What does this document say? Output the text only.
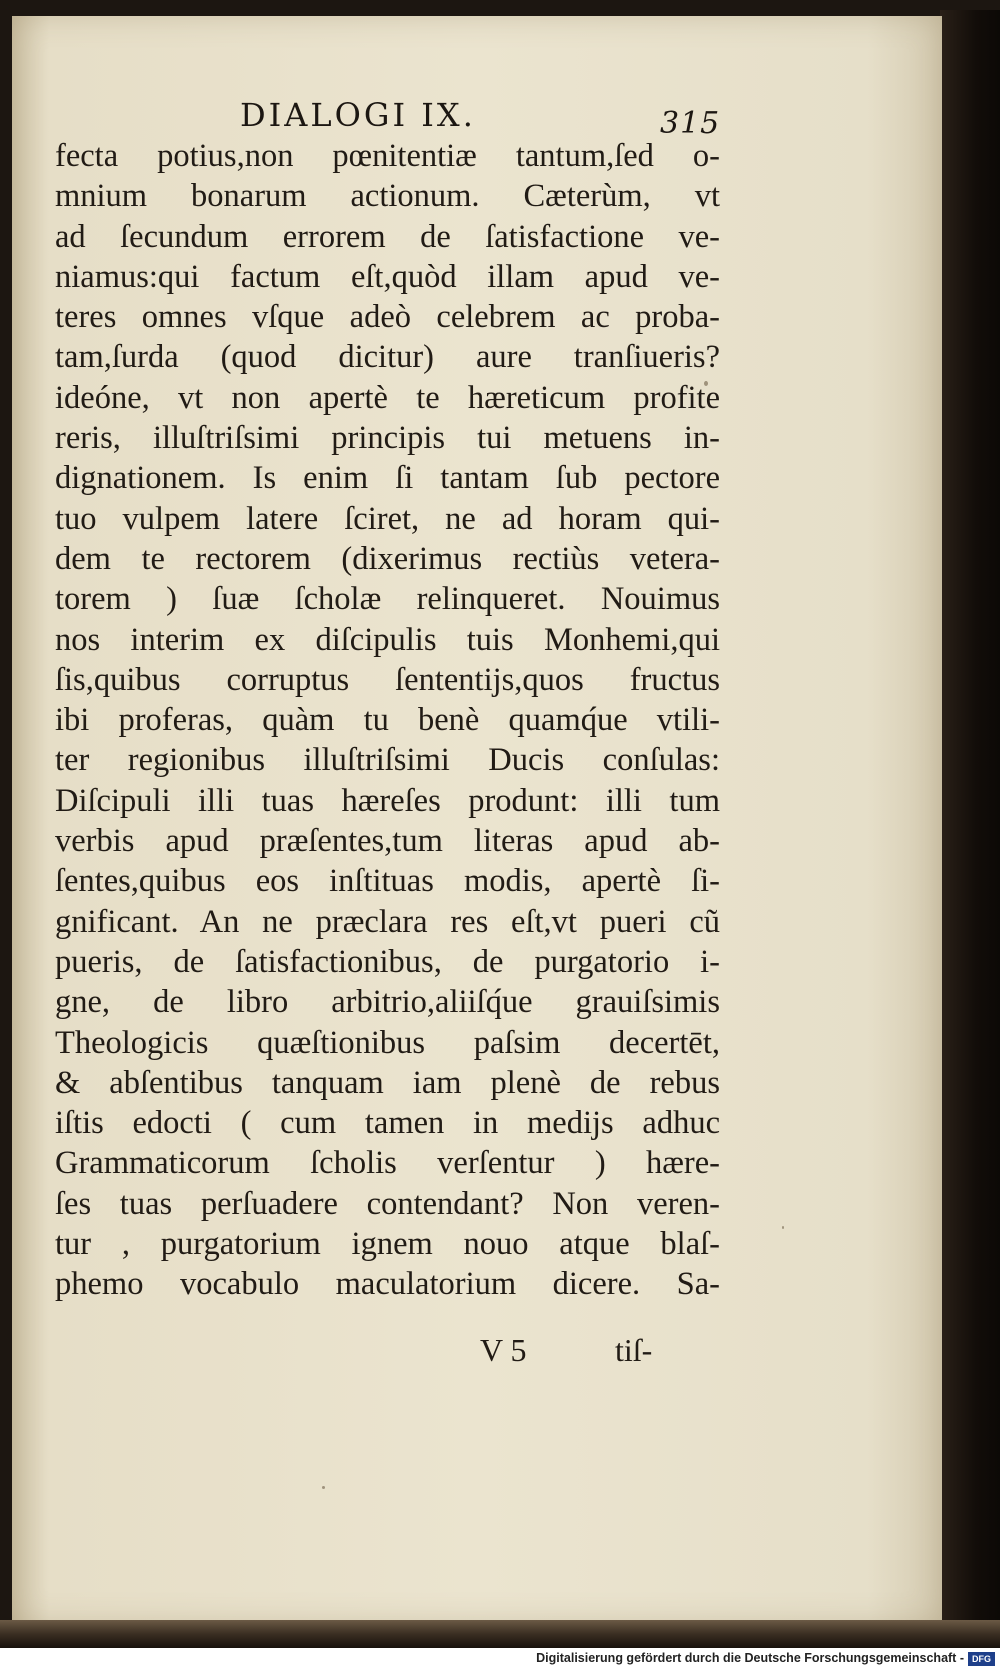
DIALOGI IX.	315
fecta potius,non pœnitentiæ tantum,ſed o-
mnium bonarum actionum. Cæterùm, vt
ad ſecundum errorem de ſatisfactione ve-
niamus:qui factum eſt,quòd illam apud ve-
teres omnes vſque adeò celebrem ac proba-
tam,ſurda (quod dicitur) aure tranſiueris?
ideóne, vt non apertè te hæreticum profite
reris, illuſtriſsimi principis tui metuens in-
dignationem. Is enim ſi tantam ſub pectore
tuo vulpem latere ſciret, ne ad horam qui-
dem te rectorem (dixerimus rectiùs vetera-
torem ) ſuæ ſcholæ relinqueret. Nouimus
nos interim ex diſcipulis tuis Monhemi,qui
ſis,quibus corruptus ſententijs,quos fructus
ibi proferas, quàm tu benè quamq́ue vtili-
ter regionibus illuſtriſsimi Ducis conſulas:
Diſcipuli illi tuas hæreſes produnt: illi tum
verbis apud præſentes,tum literas apud ab-
ſentes,quibus eos inſtituas modis, apertè ſi-
gnificant. An ne præclara res eſt,vt pueri cũ
pueris, de ſatisfactionibus, de purgatorio i-
gne, de libro arbitrio,aliiſq́ue grauiſsimis
Theologicis quæſtionibus paſsim decertēt,
& abſentibus tanquam iam plenè de rebus
iſtis edocti ( cum tamen in medijs adhuc
Grammaticorum ſcholis verſentur ) hære-
ſes tuas perſuadere contendant? Non veren-
tur , purgatorium ignem nouo atque blaſ-
phemo vocabulo maculatorium dicere. Sa-
V 5	tiſ-
Digitalisierung gefördert durch die Deutsche Forschungsgemeinschaft - DFG
